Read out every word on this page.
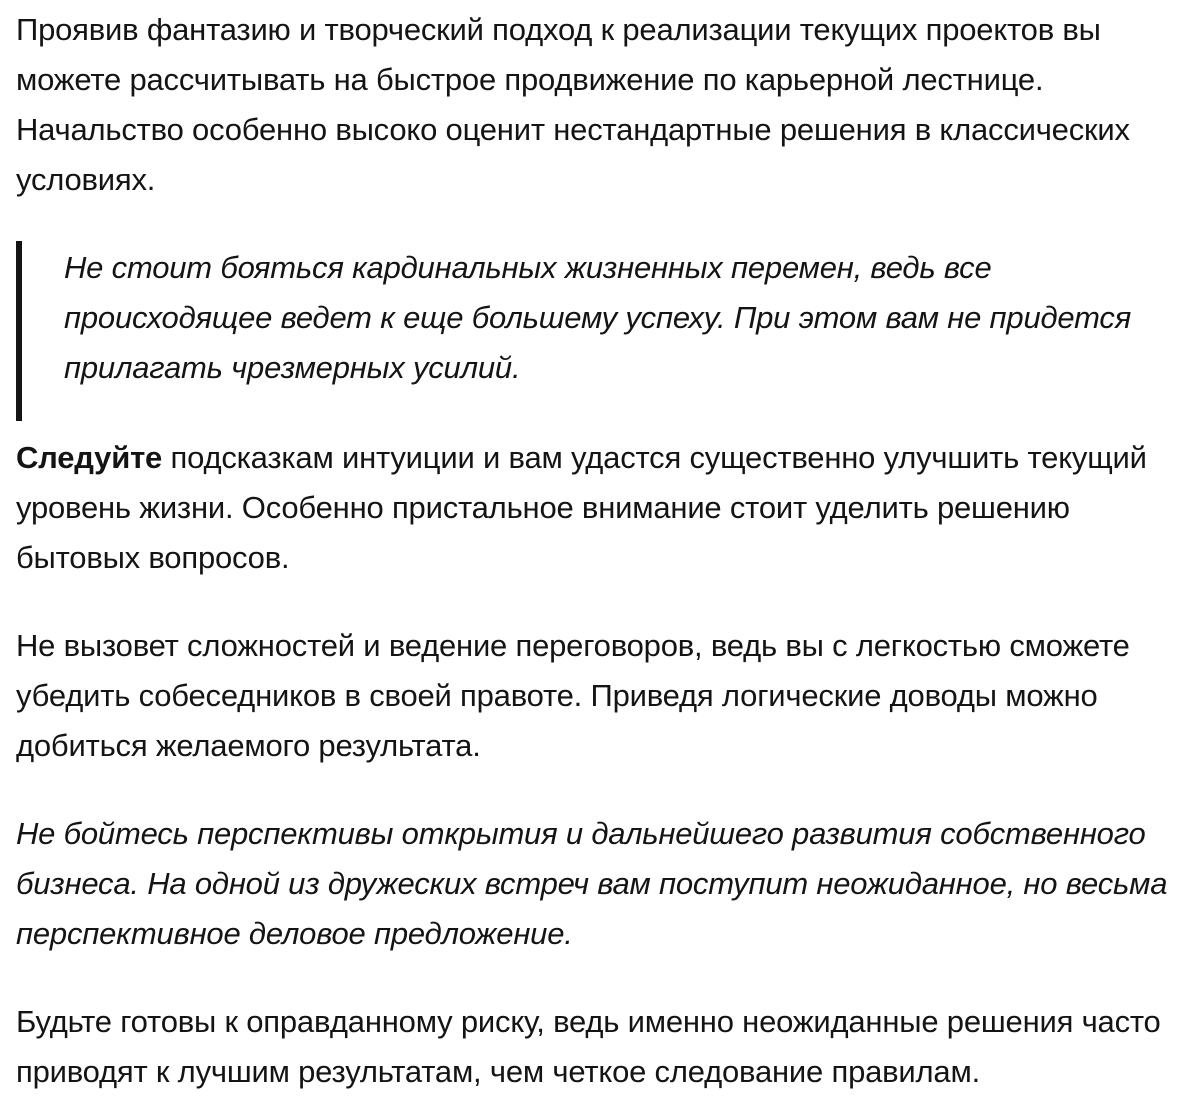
Проявив фантазию и творческий подход к реализации текущих проектов вы можете рассчитывать на быстрое продвижение по карьерной лестнице. Начальство особенно высоко оценит нестандартные решения в классических условиях.

Не стоит бояться кардинальных жизненных перемен, ведь все происходящее ведет к еще большему успеху. При этом вам не придется прилагать чрезмерных усилий.

Следуйте подсказкам интуиции и вам удастся существенно улучшить текущий уровень жизни. Особенно пристальное внимание стоит уделить решению бытовых вопросов.

Не вызовет сложностей и ведение переговоров, ведь вы с легкостью сможете убедить собеседников в своей правоте. Приведя логические доводы можно добиться желаемого результата.

Не бойтесь перспективы открытия и дальнейшего развития собственного бизнеса. На одной из дружеских встреч вам поступит неожиданное, но весьма перспективное деловое предложение.

Будьте готовы к оправданному риску, ведь именно неожиданные решения часто приводят к лучшим результатам, чем четкое следование правилам.
